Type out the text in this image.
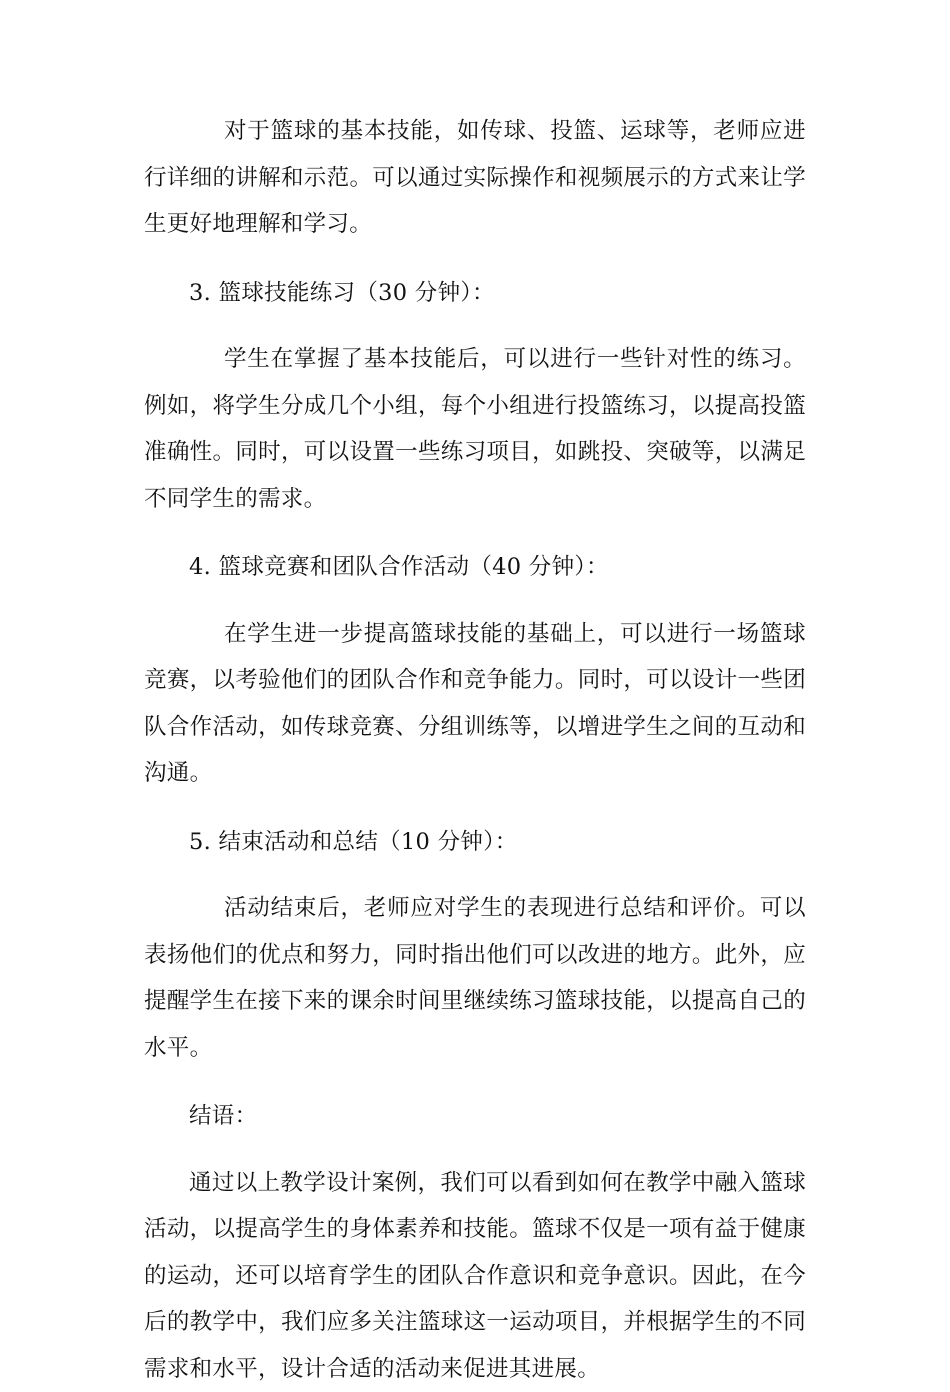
对于篮球的基本技能，如传球、投篮、运球等，老师应进行详细的讲解和示范。可以通过实际操作和视频展示的方式来让学生更好地理解和学习。

3. 篮球技能练习（30 分钟）：

学生在掌握了基本技能后，可以进行一些针对性的练习。例如，将学生分成几个小组，每个小组进行投篮练习，以提高投篮准确性。同时，可以设置一些练习项目，如跳投、突破等，以满足不同学生的需求。

4. 篮球竞赛和团队合作活动（40 分钟）：

在学生进一步提高篮球技能的基础上，可以进行一场篮球竞赛，以考验他们的团队合作和竞争能力。同时，可以设计一些团队合作活动，如传球竞赛、分组训练等，以增进学生之间的互动和沟通。

5. 结束活动和总结（10 分钟）：

活动结束后，老师应对学生的表现进行总结和评价。可以表扬他们的优点和努力，同时指出他们可以改进的地方。此外，应提醒学生在接下来的课余时间里继续练习篮球技能，以提高自己的水平。

结语：

通过以上教学设计案例，我们可以看到如何在教学中融入篮球活动，以提高学生的身体素养和技能。篮球不仅是一项有益于健康的运动，还可以培育学生的团队合作意识和竞争意识。因此，在今后的教学中，我们应多关注篮球这一运动项目，并根据学生的不同需求和水平，设计合适的活动来促进其进展。
